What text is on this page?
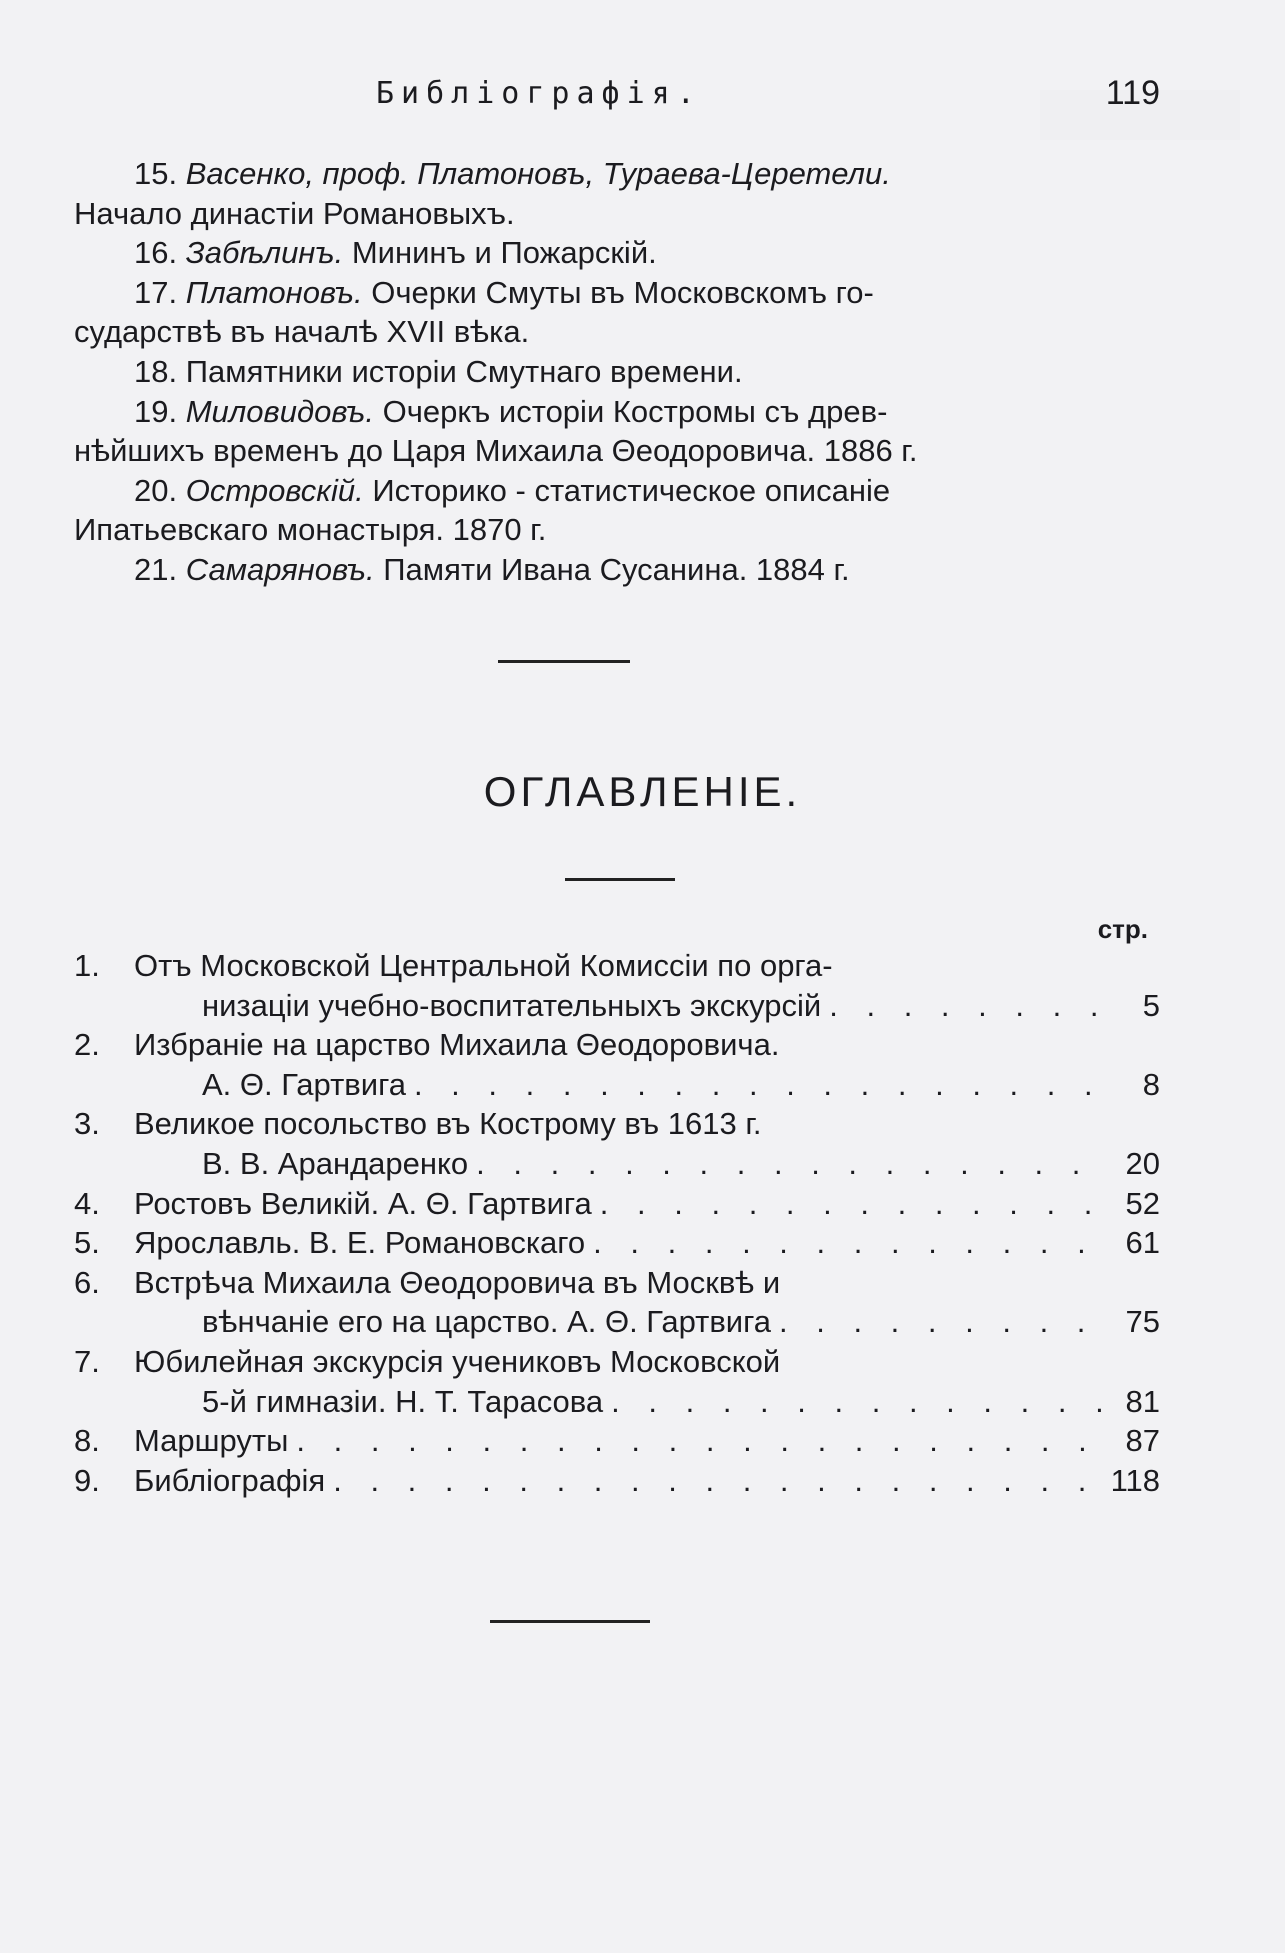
Библіографія.	119

15. Васенко, проф. Платоновъ, Тураева-Церетели.
Начало династіи Романовыхъ.

16. Забѣлинъ. Мининъ и Пожарскій.

17. Платоновъ. Очерки Смуты въ Московскомъ го-
сударствѣ въ началѣ XVII вѣка.

18. Памятники исторіи Смутнаго времени.

19. Миловидовъ. Очеркъ исторіи Костромы съ древ-
нѣйшихъ временъ до Царя Михаила Θеодоровича. 1886 г.

20. Островскій. Историко - статистическое описаніе
Ипатьевскаго монастыря. 1870 г.

21. Самаряновъ. Памяти Ивана Сусанина. 1884 г.

ОГЛАВЛЕНІЕ.
стр.
1.	Отъ Московской Центральной Комиссіи по орга-
низаціи учебно-воспитательныхъ экскурсій . . .	5
2.	Избраніе на царство Михаила Θеодоровича.
А. Θ. Гартвига . . .	8
3.	Великое посольство въ Кострому въ 1613 г.
В. В. Арандаренко . . .	20
4.	Ростовъ Великій. А. Θ. Гартвига . . .	52
5.	Ярославль. В. Е. Романовскаго . . .	61
6.	Встрѣча Михаила Θеодоровича въ Москвѣ и
вѣнчаніе его на царство. А. Θ. Гартвига . . .	75
7.	Юбилейная экскурсія учениковъ Московской
5-й гимназіи. Н. Т. Тарасова . . .	81
8.	Маршруты . . .	87
9.	Библіографія . . .	118
